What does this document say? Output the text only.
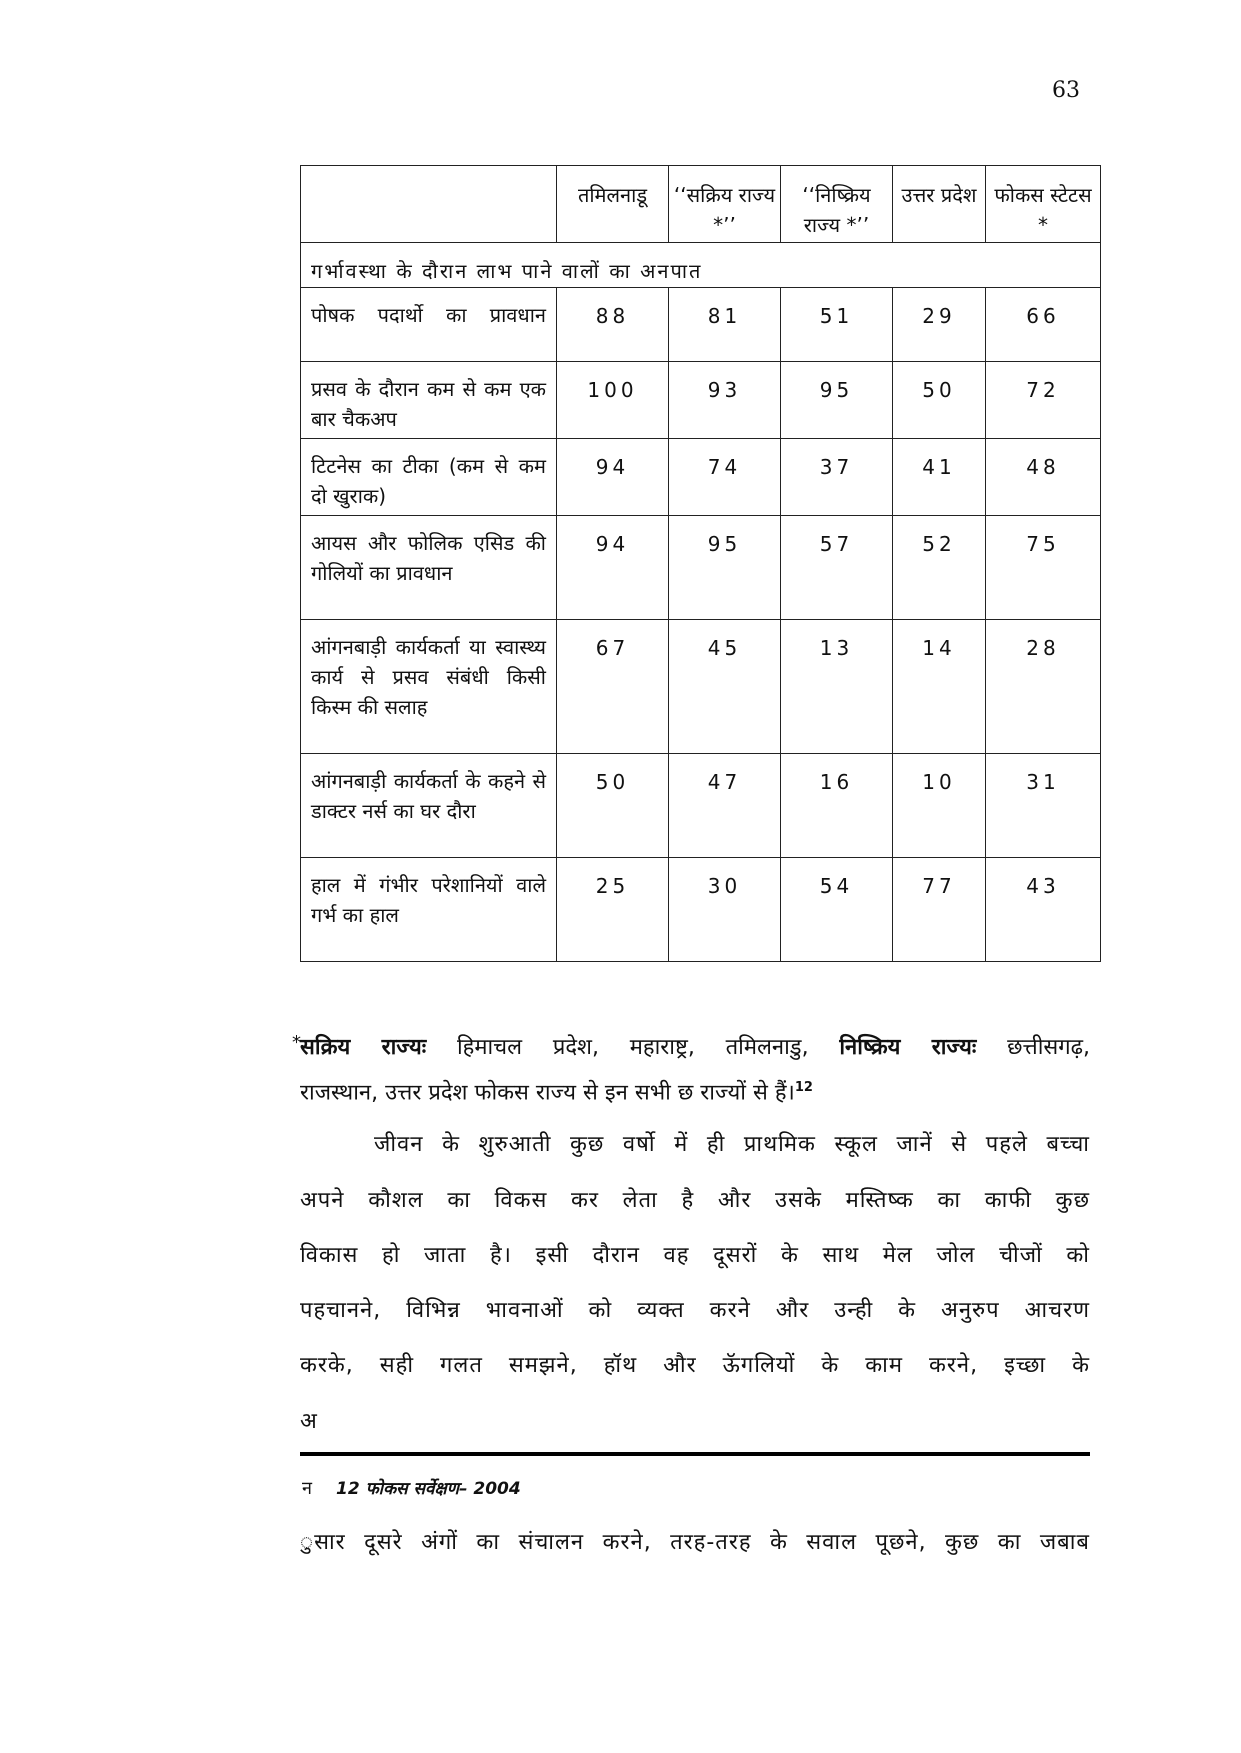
63
	तमिलनाडू	‘‘सक्रिय राज्य *’’	‘‘निष्क्रिय राज्य *’’	उत्तर प्रदेश	फोकस स्टेटस *
गर्भावस्था के दौरान लाभ पाने वालों का अनपात					
पोषक पदार्थो का प्रावधान	88	81	51	29	66
प्रसव के दौरान कम से कम एक बार चैकअप	100	93	95	50	72
टिटनेस का टीका (कम से कम दो खुराक)	94	74	37	41	48
आयस और फोलिक एसिड की गोलियों का प्रावधान	94	95	57	52	75
आंगनबाड़ी कार्यकर्ता या स्वास्थ्य कार्य से प्रसव संबंधी किसी किस्म की सलाह	67	45	13	14	28
आंगनबाड़ी कार्यकर्ता के कहने से डाक्टर नर्स का घर दौरा	50	47	16	10	31
हाल में गंभीर परेशानियों वाले गर्भ का हाल	25	30	54	77	43
* सक्रिय राज्यः हिमाचल प्रदेश, महाराष्ट्र, तमिलनाडु, निष्क्रिय राज्यः छत्तीसगढ़,
राजस्थान, उत्तर प्रदेश फोकस राज्य से इन सभी छ राज्यों से हैं।$^{12}$
जीवन के शुरुआती कुछ वर्षो में ही प्राथमिक स्कूल जानें से पहले बच्चा
अपने कौशल का विकस कर लेता है और उसके मस्तिष्क का काफी कुछ
विकास हो जाता है। इसी दौरान वह दूसरों के साथ मेल जोल चीजों को
पहचानने, विभिन्न भावनाओं को व्यक्त करने और उन्ही के अनुरुप आचरण
करके, सही गलत समझने, हॉथ और ऊॅगलियों के काम करने, इच्छा के
अ
न 12 फोकस सर्वेक्षण– 2004
ुसार दूसरे अंगों का संचालन करने, तरह-तरह के सवाल पूछने, कुछ का जबाब
